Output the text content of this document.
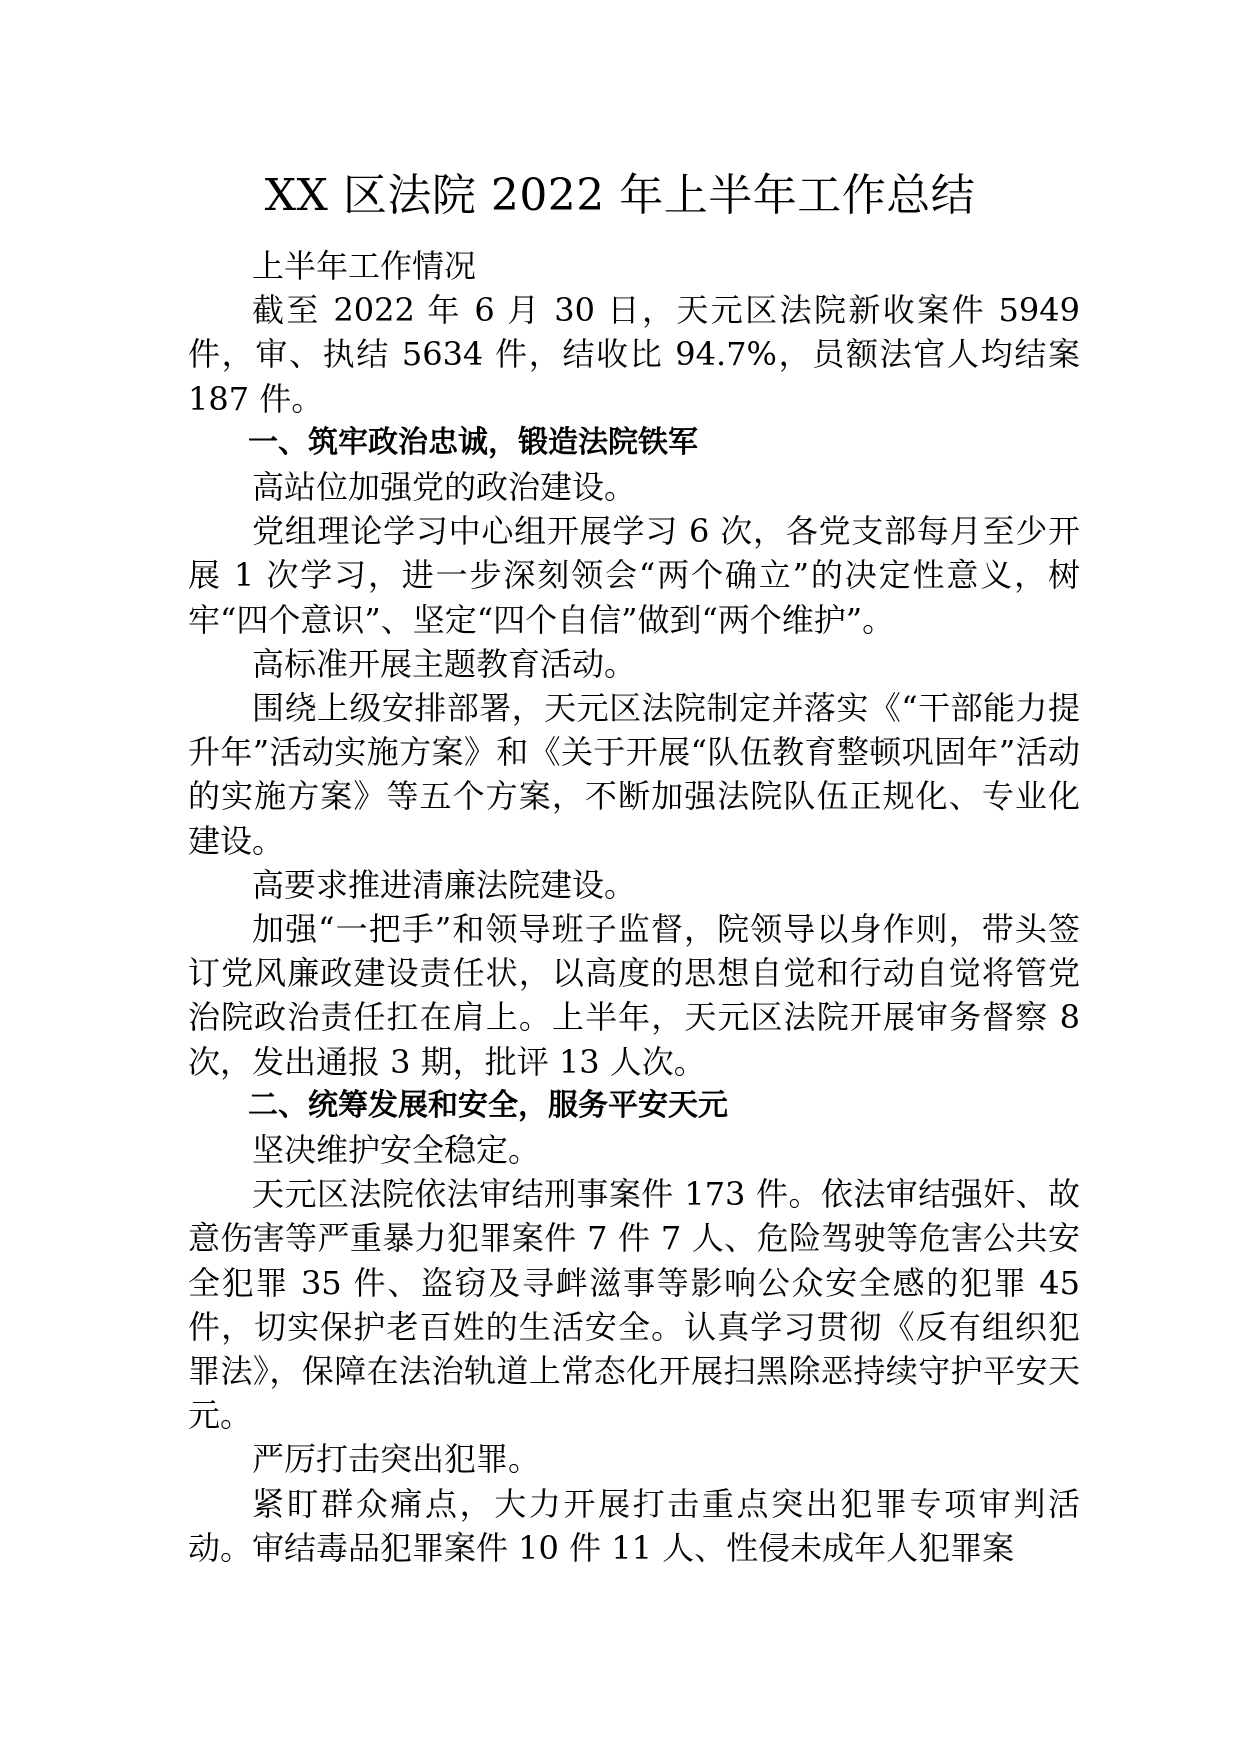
XX 区法院 2022 年上半年工作总结

上半年工作情况

截至 2022 年 6 月 30 日，天元区法院新收案件 5949 件，审、执结 5634 件，结收比 94.7%，员额法官人均结案 187 件。

一、筑牢政治忠诚，锻造法院铁军

高站位加强党的政治建设。

党组理论学习中心组开展学习 6 次，各党支部每月至少开展 1 次学习，进一步深刻领会“两个确立”的决定性意义，树牢“四个意识”、坚定“四个自信”做到“两个维护”。

高标准开展主题教育活动。

围绕上级安排部署，天元区法院制定并落实《“干部能力提升年”活动实施方案》和《关于开展“队伍教育整顿巩固年”活动的实施方案》等五个方案，不断加强法院队伍正规化、专业化建设。

高要求推进清廉法院建设。

加强“一把手”和领导班子监督，院领导以身作则，带头签订党风廉政建设责任状，以高度的思想自觉和行动自觉将管党治院政治责任扛在肩上。上半年，天元区法院开展审务督察 8 次，发出通报 3 期，批评 13 人次。

二、统筹发展和安全，服务平安天元

坚决维护安全稳定。

天元区法院依法审结刑事案件 173 件。依法审结强奸、故意伤害等严重暴力犯罪案件 7 件 7 人、危险驾驶等危害公共安全犯罪 35 件、盗窃及寻衅滋事等影响公众安全感的犯罪 45 件，切实保护老百姓的生活安全。认真学习贯彻《反有组织犯罪法》，保障在法治轨道上常态化开展扫黑除恶持续守护平安天元。

严厉打击突出犯罪。

紧盯群众痛点，大力开展打击重点突出犯罪专项审判活动。审结毒品犯罪案件 10 件 11 人、性侵未成年人犯罪案
